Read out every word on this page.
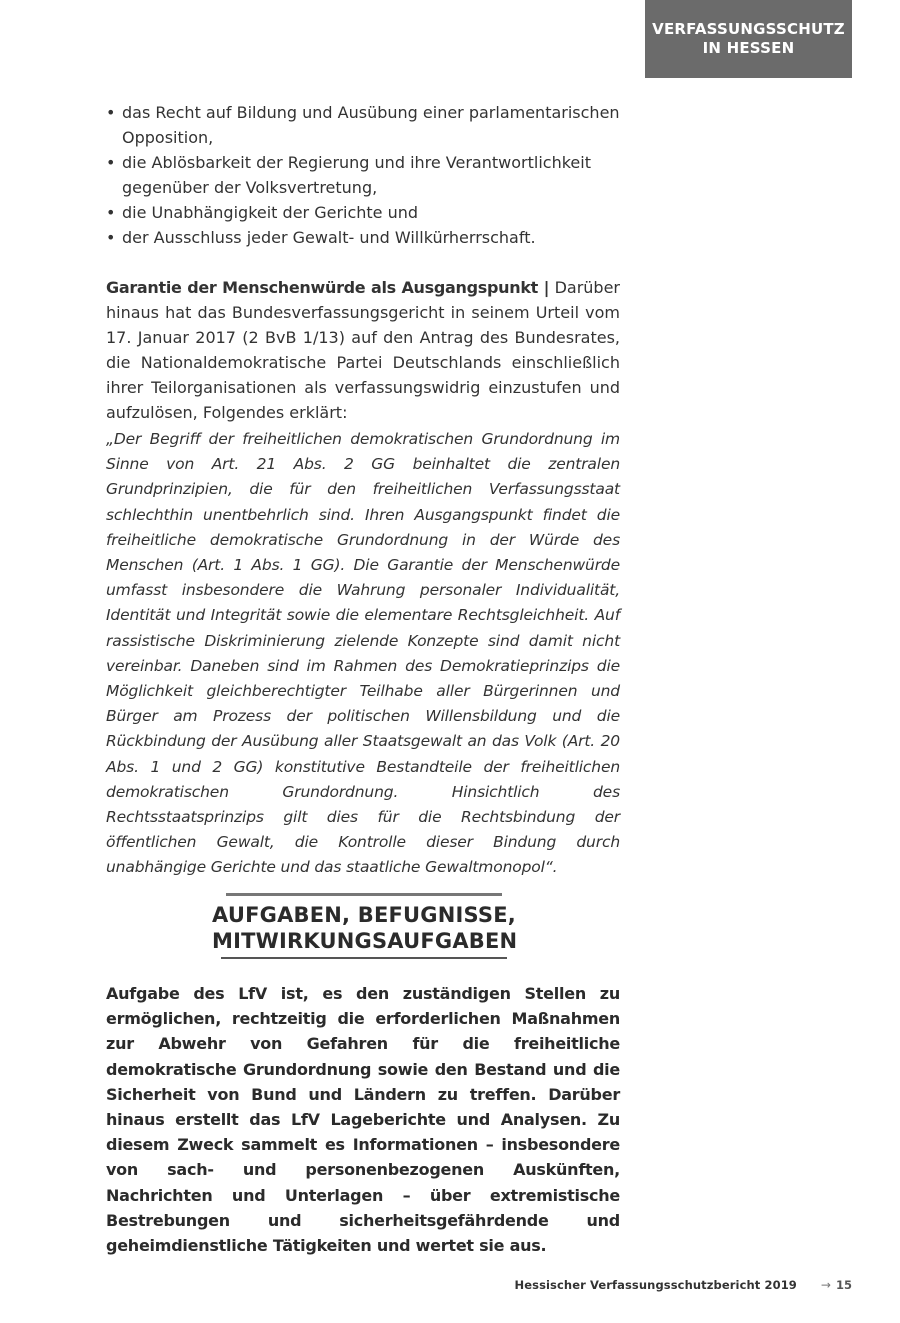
VERFASSUNGSSCHUTZ
IN HESSEN
• das Recht auf Bildung und Ausübung einer parlamentarischen Opposition,
• die Ablösbarkeit der Regierung und ihre Verantwortlichkeit gegenüber der Volksvertretung,
• die Unabhängigkeit der Gerichte und
• der Ausschluss jeder Gewalt- und Willkürherrschaft.

Garantie der Menschenwürde als Ausgangspunkt | Darüber hinaus hat das Bundesverfassungsgericht in seinem Urteil vom 17. Januar 2017 (2 BvB 1/13) auf den Antrag des Bundesrates, die Nationaldemokratische Partei Deutschlands einschließlich ihrer Teilorganisationen als verfassungswidrig einzustufen und aufzulösen, Folgendes erklärt:

„Der Begriff der freiheitlichen demokratischen Grundordnung im Sinne von Art. 21 Abs. 2 GG beinhaltet die zentralen Grundprinzipien, die für den freiheitlichen Verfassungsstaat schlechthin unentbehrlich sind. Ihren Ausgangspunkt findet die freiheitliche demokratische Grundordnung in der Würde des Menschen (Art. 1 Abs. 1 GG). Die Garantie der Menschenwürde umfasst insbesondere die Wahrung personaler Individualität, Identität und Integrität sowie die elementare Rechtsgleichheit. Auf rassistische Diskriminierung zielende Konzepte sind damit nicht vereinbar. Daneben sind im Rahmen des Demokratieprinzips die Möglichkeit gleichberechtigter Teilhabe aller Bürgerinnen und Bürger am Prozess der politischen Willensbildung und die Rückbindung der Ausübung aller Staatsgewalt an das Volk (Art. 20 Abs. 1 und 2 GG) konstitutive Bestandteile der freiheitlichen demokratischen Grundordnung. Hinsichtlich des Rechtsstaatsprinzips gilt dies für die Rechtsbindung der öffentlichen Gewalt, die Kontrolle dieser Bindung durch unabhängige Gerichte und das staatliche Gewaltmonopol“.

AUFGABEN, BEFUGNISSE,
MITWIRKUNGSAUFGABEN

Aufgabe des LfV ist, es den zuständigen Stellen zu ermöglichen, rechtzeitig die erforderlichen Maßnahmen zur Abwehr von Gefahren für die freiheitliche demokratische Grundordnung sowie den Bestand und die Sicherheit von Bund und Ländern zu treffen. Darüber hinaus erstellt das LfV Lageberichte und Analysen. Zu diesem Zweck sammelt es Informationen – insbesondere von sach- und personenbezogenen Auskünften, Nachrichten und Unterlagen – über extremistische Bestrebungen und sicherheitsgefährdende und geheimdienstliche Tätigkeiten und wertet sie aus.

Hessischer Verfassungsschutzbericht 2019 → 15
